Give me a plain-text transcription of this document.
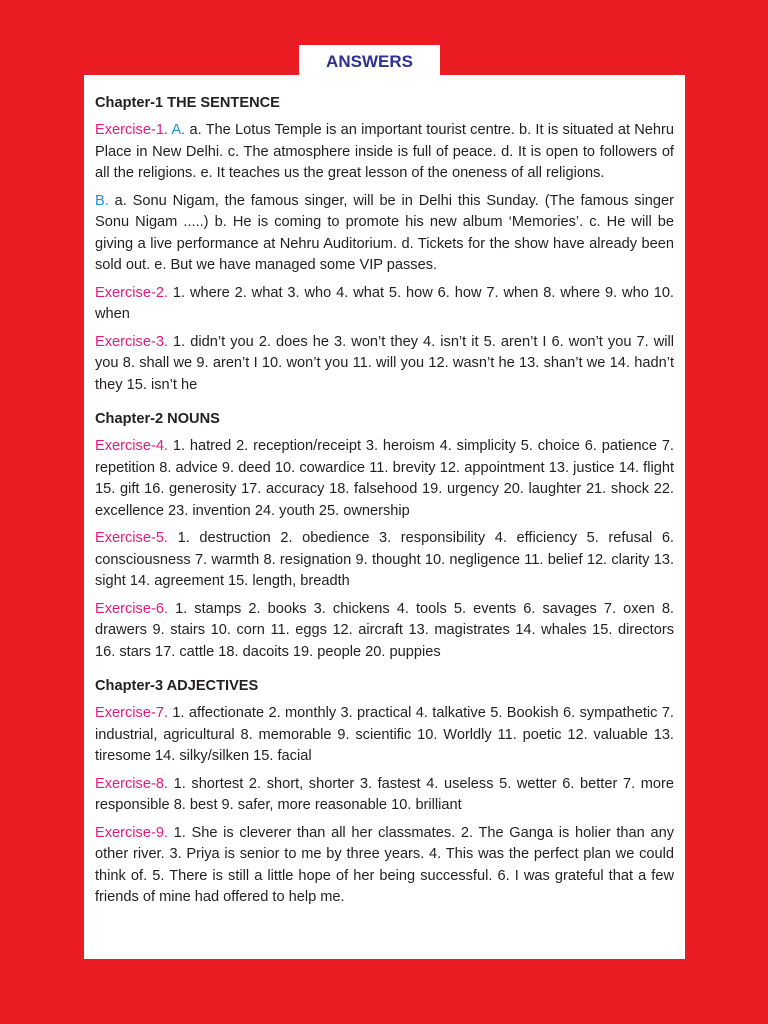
ANSWERS
Chapter-1 THE SENTENCE

Exercise-1. A. a. The Lotus Temple is an important tourist centre. b. It is situated at Nehru Place in New Delhi. c. The atmosphere inside is full of peace. d. It is open to followers of all the religions. e. It teaches us the great lesson of the oneness of all religions.

B. a. Sonu Nigam, the famous singer, will be in Delhi this Sunday. (The famous singer Sonu Nigam .....) b. He is coming to promote his new album ‘Memories’. c. He will be giving a live performance at Nehru Auditorium. d. Tickets for the show have already been sold out. e. But we have managed some VIP passes.

Exercise-2. 1. where 2. what 3. who 4. what 5. how 6. how 7. when 8. where 9. who 10. when

Exercise-3. 1. didn’t you 2. does he 3. won’t they 4. isn’t it 5. aren’t I 6. won’t you 7. will you 8. shall we 9. aren’t I 10. won’t you 11. will you 12. wasn’t he 13. shan’t we 14. hadn’t they 15. isn’t he

Chapter-2 NOUNS

Exercise-4. 1. hatred 2. reception/receipt 3. heroism 4. simplicity 5. choice 6. patience 7. repetition 8. advice 9. deed 10. cowardice 11. brevity 12. appointment 13. justice 14. flight 15. gift 16. generosity 17. accuracy 18. falsehood 19. urgency 20. laughter 21. shock 22. excellence 23. invention 24. youth 25. ownership

Exercise-5. 1. destruction 2. obedience 3. responsibility 4. efficiency 5. refusal 6. consciousness 7. warmth 8. resignation 9. thought 10. negligence 11. belief 12. clarity 13. sight 14. agreement 15. length, breadth

Exercise-6. 1. stamps 2. books 3. chickens 4. tools 5. events 6. savages 7. oxen 8. drawers 9. stairs 10. corn 11. eggs 12. aircraft 13. magistrates 14. whales 15. directors 16. stars 17. cattle 18. dacoits 19. people 20. puppies

Chapter-3 ADJECTIVES

Exercise-7. 1. affectionate 2. monthly 3. practical 4. talkative 5. Bookish 6. sympathetic 7. industrial, agricultural 8. memorable 9. scientific 10. Worldly 11. poetic 12. valuable 13. tiresome 14. silky/silken 15. facial

Exercise-8. 1. shortest 2. short, shorter 3. fastest 4. useless 5. wetter 6. better 7. more responsible 8. best 9. safer, more reasonable 10. brilliant

Exercise-9. 1. She is cleverer than all her classmates. 2. The Ganga is holier than any other river. 3. Priya is senior to me by three years. 4. This was the perfect plan we could think of. 5. There is still a little hope of her being successful. 6. I was grateful that a few friends of mine had offered to help me.
